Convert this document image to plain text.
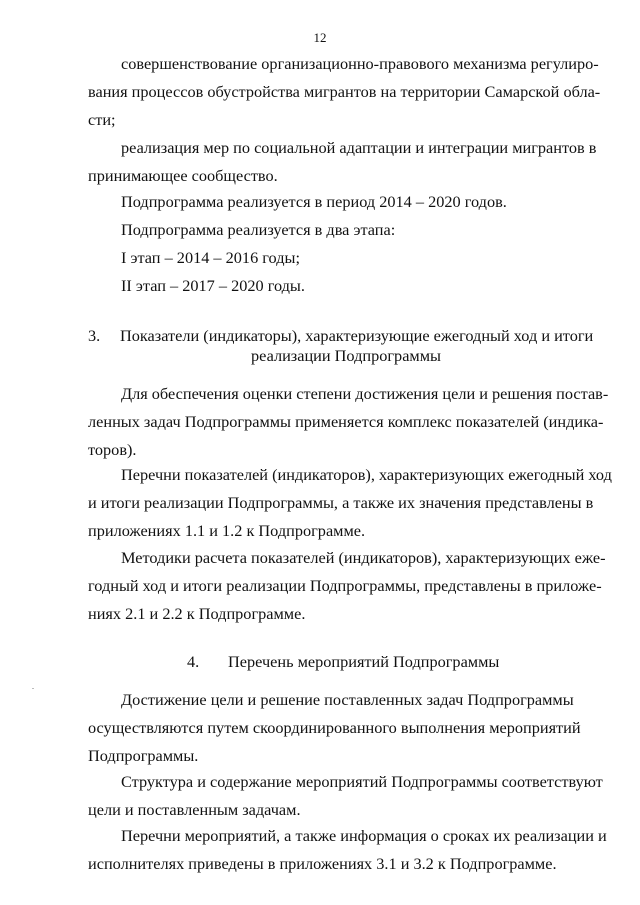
12
совершенствование организационно-правового механизма регулиро-
вания процессов обустройства мигрантов на территории Самарской обла-
сти;
реализация мер по социальной адаптации и интеграции мигрантов в
принимающее сообщество.
Подпрограмма реализуется в период 2014 – 2020 годов.
Подпрограмма реализуется в два этапа:
I этап – 2014 – 2016 годы;
II этап – 2017 – 2020 годы.
3. Показатели (индикаторы), характеризующие ежегодный ход и итоги
реализации Подпрограммы
Для обеспечения оценки степени достижения цели и решения постав-
ленных задач Подпрограммы применяется комплекс показателей (индика-
торов).
Перечни показателей (индикаторов), характеризующих ежегодный ход
и итоги реализации Подпрограммы, а также их значения представлены в
приложениях 1.1 и 1.2 к Подпрограмме.
Методики расчета показателей (индикаторов), характеризующих еже-
годный ход и итоги реализации Подпрограммы, представлены в приложе-
ниях 2.1 и 2.2 к Подпрограмме.
4. Перечень мероприятий Подпрограммы
Достижение цели и решение поставленных задач Подпрограммы
осуществляются путем скоординированного выполнения мероприятий
Подпрограммы.
Структура и содержание мероприятий Подпрограммы соответствуют
цели и поставленным задачам.
Перечни мероприятий, а также информация о сроках их реализации и
исполнителях приведены в приложениях 3.1 и 3.2 к Подпрограмме.
